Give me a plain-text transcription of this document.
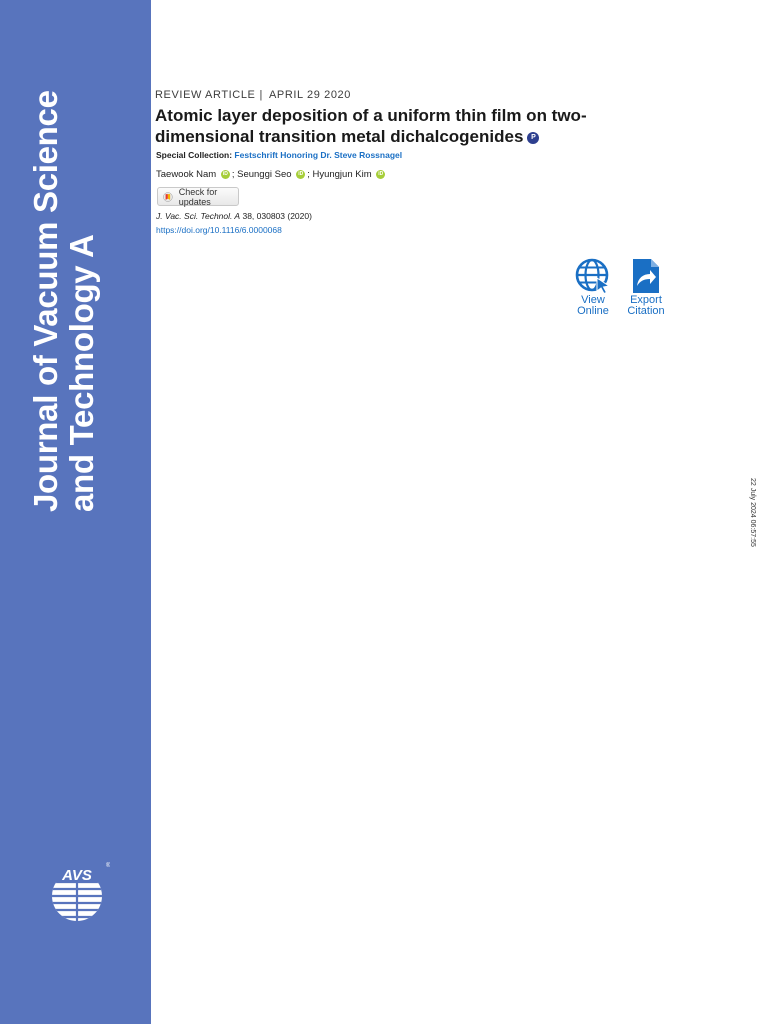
Journal of Vacuum Science and Technology A
AVS
®
REVIEW ARTICLE | APRIL 29 2020
Atomic layer deposition of a uniform thin film on two-dimensional transition metal dichalcogenides P
Special Collection: Festschrift Honoring Dr. Steve Rossnagel
Taewook Nam iD ; Seunggi Seo iD ; Hyungjun Kim iD
Check for updates
J. Vac. Sci. Technol. A 38, 030803 (2020)
https://doi.org/10.1116/6.0000068
View
Online
Export
Citation
22 July 2024 06:57:55
